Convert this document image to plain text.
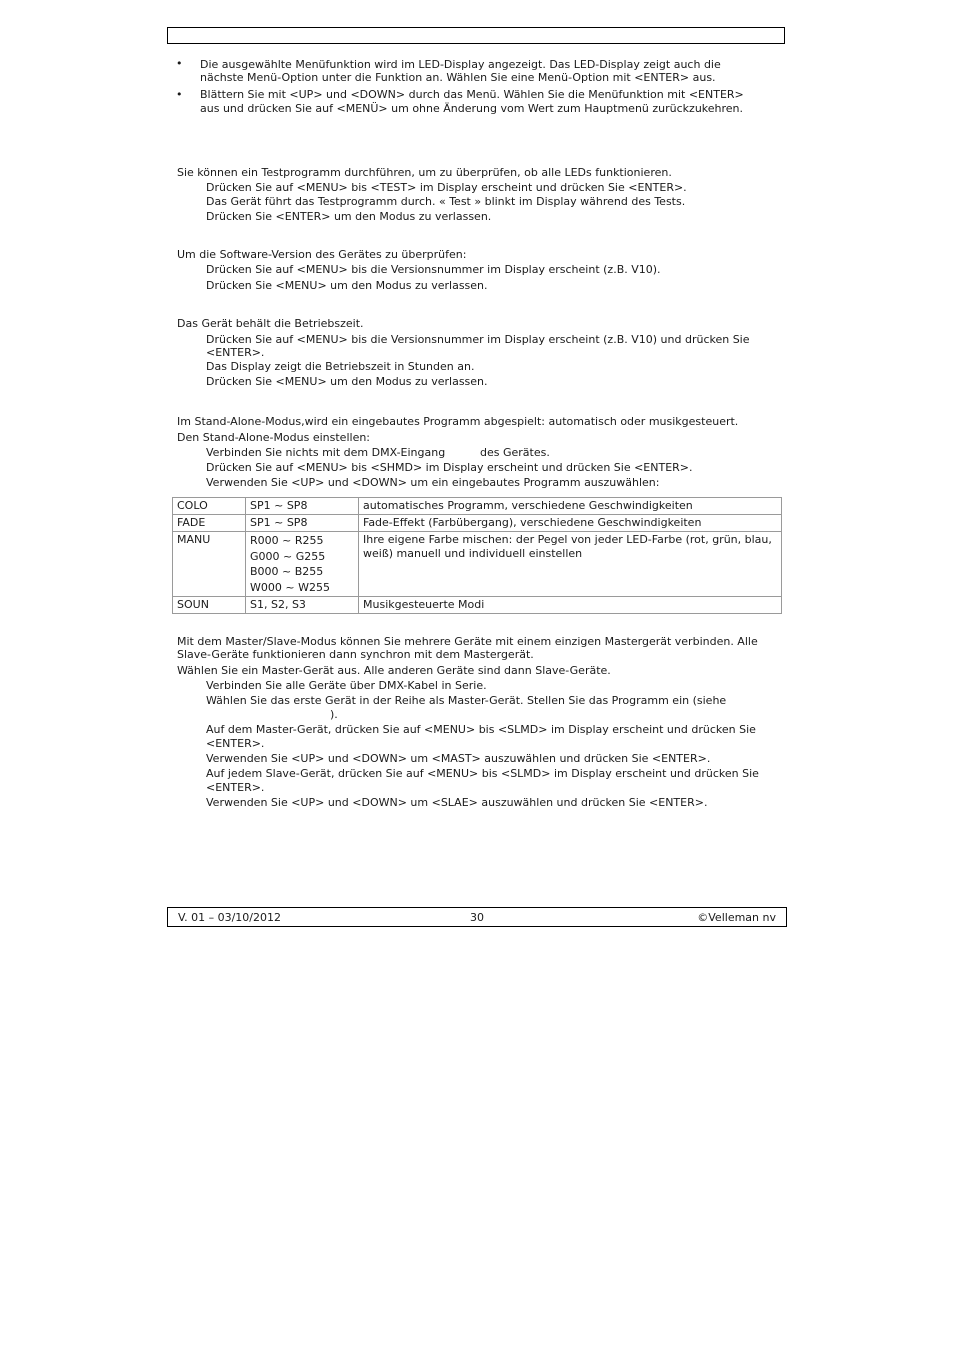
• Die ausgewählte Menüfunktion wird im LED-Display angezeigt. Das LED-Display zeigt auch die
nächste Menü-Option unter die Funktion an. Wählen Sie eine Menü-Option mit <ENTER> aus.
• Blättern Sie mit <UP> und <DOWN> durch das Menü. Wählen Sie die Menüfunktion mit <ENTER>
aus und drücken Sie auf <MENÜ> um ohne Änderung vom Wert zum Hauptmenü zurückzukehren.
Sie können ein Testprogramm durchführen, um zu überprüfen, ob alle LEDs funktionieren.
Drücken Sie auf <MENU> bis <TEST> im Display erscheint und drücken Sie <ENTER>.
Das Gerät führt das Testprogramm durch. « Test » blinkt im Display während des Tests.
Drücken Sie <ENTER> um den Modus zu verlassen.
Um die Software-Version des Gerätes zu überprüfen:
Drücken Sie auf <MENU> bis die Versionsnummer im Display erscheint (z.B. V10).
Drücken Sie <MENU> um den Modus zu verlassen.
Das Gerät behält die Betriebszeit.
Drücken Sie auf <MENU> bis die Versionsnummer im Display erscheint (z.B. V10) und drücken Sie
<ENTER>.
Das Display zeigt die Betriebszeit in Stunden an.
Drücken Sie <MENU> um den Modus zu verlassen.
Im Stand-Alone-Modus,wird ein eingebautes Programm abgespielt: automatisch oder musikgesteuert.
Den Stand-Alone-Modus einstellen:
Verbinden Sie nichts mit dem DMX-Eingang	des Gerätes.
Drücken Sie auf <MENU> bis <SHMD> im Display erscheint und drücken Sie <ENTER>.
Verwenden Sie <UP> und <DOWN> um ein eingebautes Programm auszuwählen:
COLO	SP1 ~ SP8	automatisches Programm, verschiedene Geschwindigkeiten
FADE	SP1 ~ SP8	Fade-Effekt (Farbübergang), verschiedene Geschwindigkeiten
MANU	R000 ~ R255
G000 ~ G255
B000 ~ B255
W000 ~ W255	Ihre eigene Farbe mischen: der Pegel von jeder LED-Farbe (rot, grün, blau, weiß) manuell und individuell einstellen
SOUN	S1, S2, S3	Musikgesteuerte Modi
Mit dem Master/Slave-Modus können Sie mehrere Geräte mit einem einzigen Mastergerät verbinden. Alle
Slave-Geräte funktionieren dann synchron mit dem Mastergerät.
Wählen Sie ein Master-Gerät aus. Alle anderen Geräte sind dann Slave-Geräte.
Verbinden Sie alle Geräte über DMX-Kabel in Serie.
Wählen Sie das erste Gerät in der Reihe als Master-Gerät. Stellen Sie das Programm ein (siehe
).
Auf dem Master-Gerät, drücken Sie auf <MENU> bis <SLMD> im Display erscheint und drücken Sie
<ENTER>.
Verwenden Sie <UP> und <DOWN> um <MAST> auszuwählen und drücken Sie <ENTER>.
Auf jedem Slave-Gerät, drücken Sie auf <MENU> bis <SLMD> im Display erscheint und drücken Sie
<ENTER>.
Verwenden Sie <UP> und <DOWN> um <SLAE> auszuwählen und drücken Sie <ENTER>.
V. 01 – 03/10/2012	30	©Velleman nv
